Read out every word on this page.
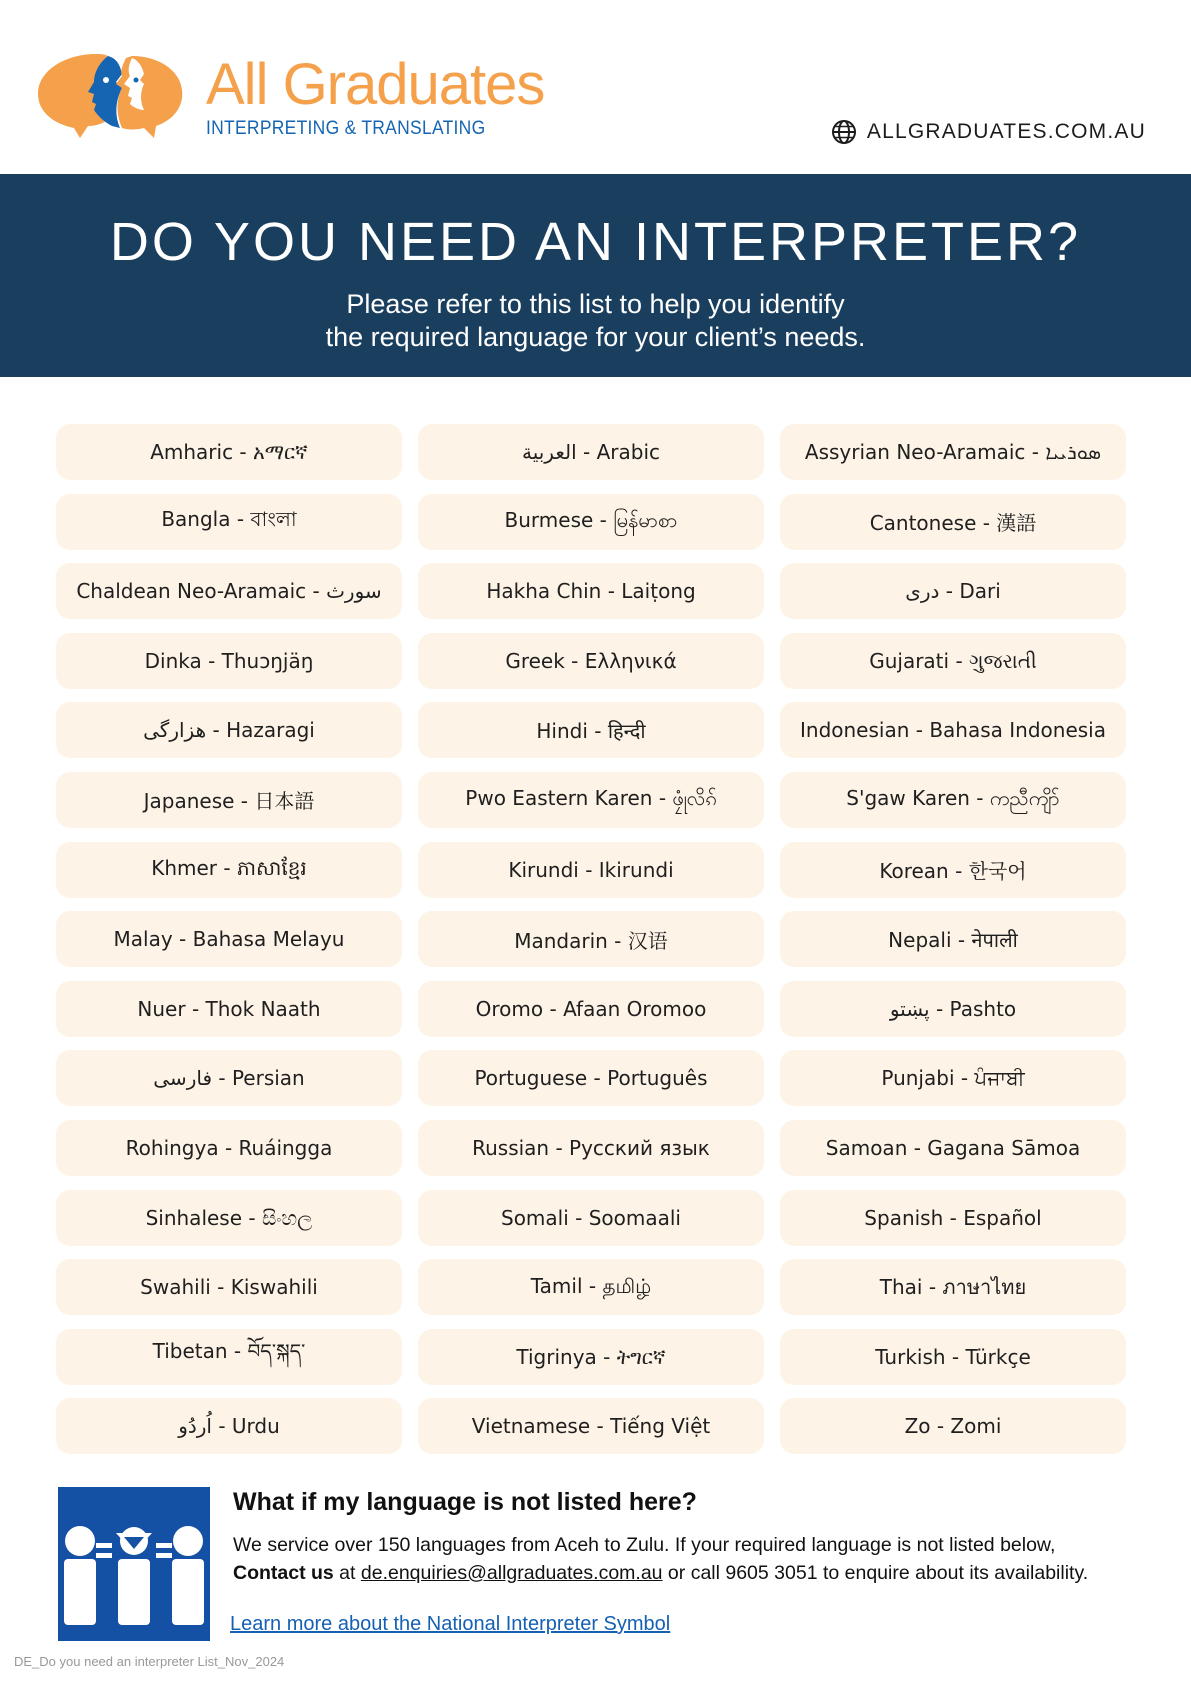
All Graduates
INTERPRETING & TRANSLATING	ALLGRADUATES.COM.AU
DO YOU NEED AN INTERPRETER?

Please refer to this list to help you identify
the required language for your client’s needs.

Amharic - አማርኛ	العربية - Arabic	Assyrian Neo-Aramaic - ܣܘܪܝܝܐ
Bangla - বাংলা	Burmese - မြန်မာစာ	Cantonese - 漢語
Chaldean Neo-Aramaic - سورث	Hakha Chin - Laiṭong	درى - Dari
Dinka - Thuɔŋjäŋ	Greek - Ελληνικά	Gujarati - ગુજરાતી
هزارگی - Hazaragi	Hindi - हिन्दी	Indonesian - Bahasa Indonesia
Japanese - 日本語	Pwo Eastern Karen - ဖၠုံလိၵ်	S'gaw Karen - ကညီကျိာ်
Khmer - ភាសាខ្មែរ	Kirundi - Ikirundi	Korean - 한국어
Malay - Bahasa Melayu	Mandarin - 汉语	Nepali - नेपाली
Nuer - Thok Naath	Oromo - Afaan Oromoo	پښتو - Pashto
فارسی - Persian	Portuguese - Português	Punjabi - ਪੰਜਾਬੀ
Rohingya - Ruáingga	Russian - Русский язык	Samoan - Gagana Sāmoa
Sinhalese - සිංහල	Somali - Soomaali	Spanish - Español
Swahili - Kiswahili	Tamil - தமிழ்	Thai - ภาษาไทย
Tibetan - བོད་སྐད་	Tigrinya - ትግርኛ	Turkish - Türkçe
اُردُو - Urdu	Vietnamese - Tiếng Việt	Zo - Zomi
What if my language is not listed here?
We service over 150 languages from Aceh to Zulu. If your required language is not listed below,
Contact us at de.enquiries@allgraduates.com.au or call 9605 3051 to enquire about its availability.
Learn more about the National Interpreter Symbol
DE_Do you need an interpreter List_Nov_2024
